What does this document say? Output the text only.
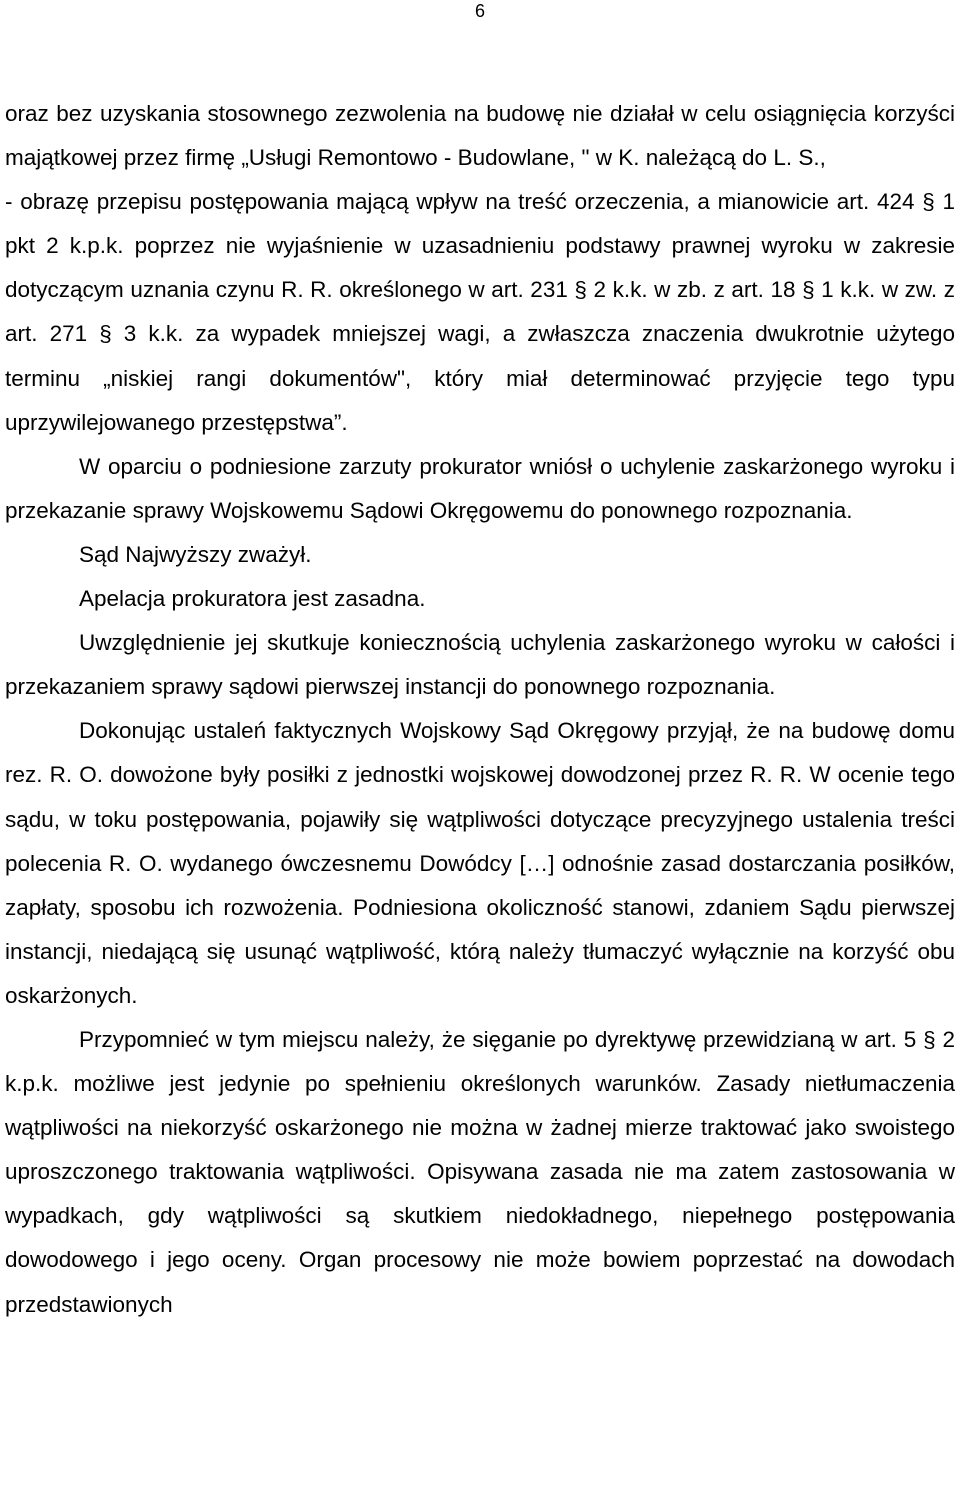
6

oraz bez uzyskania stosownego zezwolenia na budowę nie działał w celu osiągnięcia korzyści majątkowej przez firmę „Usługi Remontowo - Budowlane, " w K. należącą do L. S.,

- obrazę przepisu postępowania mającą wpływ na treść orzeczenia, a mianowicie art. 424 § 1 pkt 2 k.p.k. poprzez nie wyjaśnienie w uzasadnieniu podstawy prawnej wyroku w zakresie dotyczącym uznania czynu R. R. określonego w art. 231 § 2 k.k. w zb. z art. 18 § 1 k.k. w zw. z art. 271 § 3 k.k. za wypadek mniejszej wagi, a zwłaszcza znaczenia dwukrotnie użytego terminu „niskiej rangi dokumentów", który miał determinować przyjęcie tego typu uprzywilejowanego przestępstwa”.

W oparciu o podniesione zarzuty prokurator wniósł o uchylenie zaskarżonego wyroku i przekazanie sprawy Wojskowemu Sądowi Okręgowemu do ponownego rozpoznania.

Sąd Najwyższy zważył.

Apelacja prokuratora jest zasadna.

Uwzględnienie jej skutkuje koniecznością uchylenia zaskarżonego wyroku w całości i przekazaniem sprawy sądowi pierwszej instancji do ponownego rozpoznania.

Dokonując ustaleń faktycznych Wojskowy Sąd Okręgowy przyjął, że na budowę domu rez. R. O. dowożone były posiłki z jednostki wojskowej dowodzonej przez R. R. W ocenie tego sądu, w toku postępowania, pojawiły się wątpliwości dotyczące precyzyjnego ustalenia treści polecenia R. O. wydanego ówczesnemu Dowódcy […] odnośnie zasad dostarczania posiłków, zapłaty, sposobu ich rozwożenia. Podniesiona okoliczność stanowi, zdaniem Sądu pierwszej instancji, niedającą się usunąć wątpliwość, którą należy tłumaczyć wyłącznie na korzyść obu oskarżonych.

Przypomnieć w tym miejscu należy, że sięganie po dyrektywę przewidzianą w art. 5 § 2 k.p.k. możliwe jest jedynie po spełnieniu określonych warunków. Zasady nietłumaczenia wątpliwości na niekorzyść oskarżonego nie można w żadnej mierze traktować jako swoistego uproszczonego traktowania wątpliwości. Opisywana zasada nie ma zatem zastosowania w wypadkach, gdy wątpliwości są skutkiem niedokładnego, niepełnego postępowania dowodowego i jego oceny. Organ procesowy nie może bowiem poprzestać na dowodach przedstawionych
